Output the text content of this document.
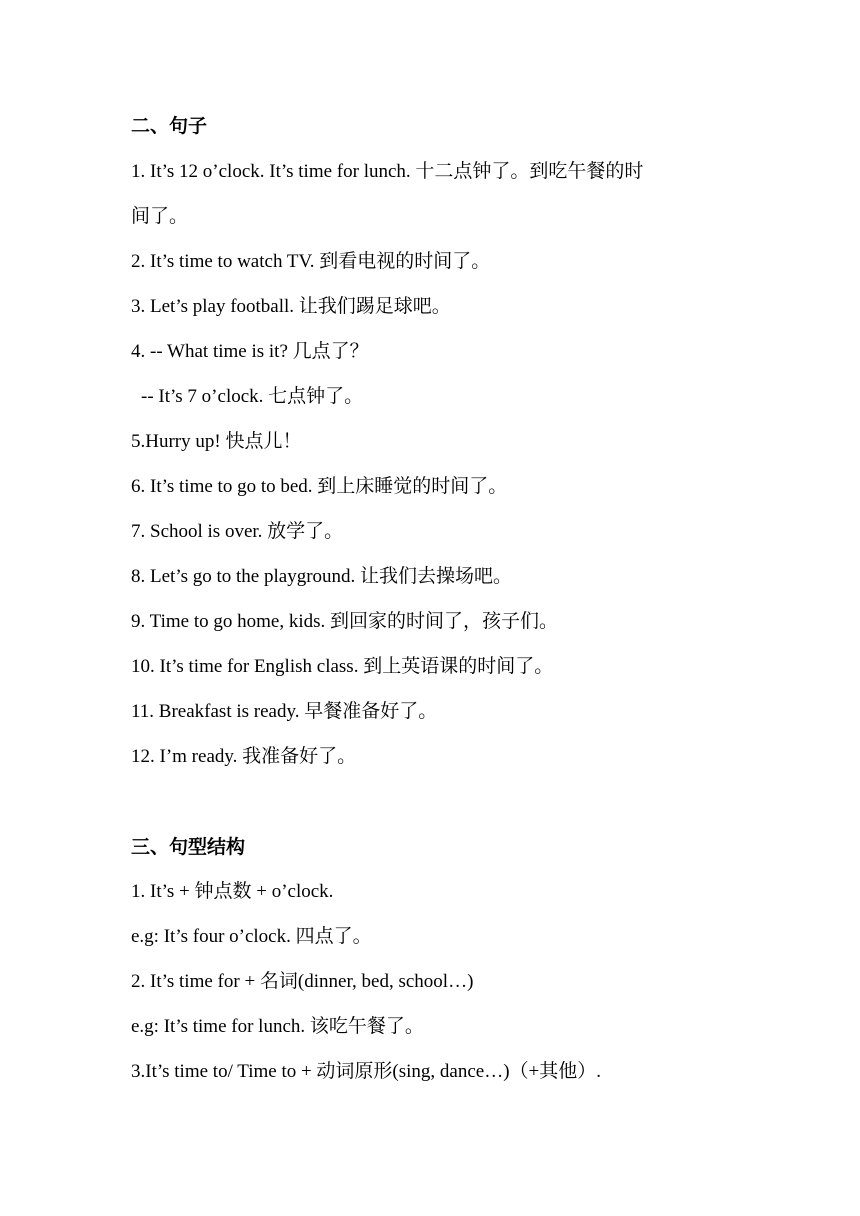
二、句子

1. It’s 12 o’clock. It’s time for lunch. 十二点钟了。到吃午餐的时

间了。

2. It’s time to watch TV. 到看电视的时间了。

3. Let’s play football. 让我们踢足球吧。

4. -- What time is it? 几点了？

-- It’s 7 o’clock. 七点钟了。

5.Hurry up! 快点儿！

6. It’s time to go to bed. 到上床睡觉的时间了。

7. School is over. 放学了。

8. Let’s go to the playground. 让我们去操场吧。

9. Time to go home, kids. 到回家的时间了，孩子们。

10. It’s time for English class. 到上英语课的时间了。

11. Breakfast is ready. 早餐准备好了。

12. I’m ready. 我准备好了。

三、句型结构

1. It’s + 钟点数 + o’clock.

e.g: It’s four o’clock. 四点了。

2. It’s time for + 名词(dinner, bed, school…)

e.g: It’s time for lunch. 该吃午餐了。

3.It’s time to/ Time to + 动词原形(sing, dance…)（+其他）.
